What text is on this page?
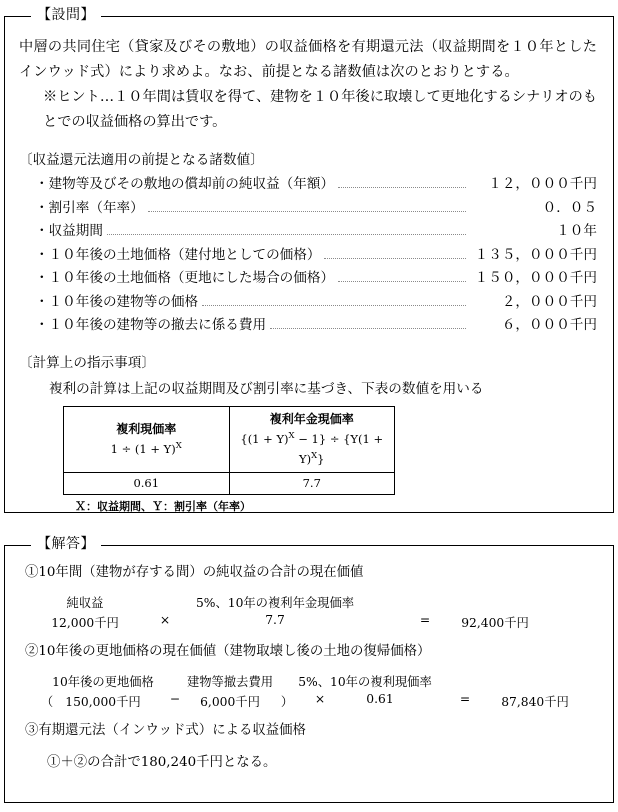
【設問】

中層の共同住宅（貸家及びその敷地）の収益価格を有期還元法（収益期間を１０年としたインウッド式）により求めよ。なお、前提となる諸数値は次のとおりとする。

※ヒント…１０年間は賃収を得て、建物を１０年後に取壊して更地化するシナリオのもとでの収益価格の算出です。

〔収益還元法適用の前提となる諸数値〕
・建物等及びその敷地の償却前の純収益（年額）	１２，０００千円
・割引率（年率）	０．０５
・収益期間	１０年
・１０年後の土地価格（建付地としての価格）	１３５，０００千円
・１０年後の土地価格（更地にした場合の価格）	１５０，０００千円
・１０年後の建物等の価格	２，０００千円
・１０年後の建物等の撤去に係る費用	６，０００千円
〔計算上の指示事項〕
複利の計算は上記の収益期間及び割引率に基づき、下表の数値を用いる
複利現価率
$1 \div (1 + Y)^X$

複利年金現価率
$\{(1 + Y)^X - 1\} \div \{Y(1 + Y)^X\}$

0.61	7.7
Ｘ：収益期間、Ｙ：割引率（年率）
【解答】

①10年間（建物が存する間）の純収益の合計の現在価値

純収益	5%、10年の複利年金現価率
12,000千円	×	7.7	=	92,400千円

②10年後の更地価格の現在価値（建物取壊し後の土地の復帰価格）

10年後の更地価格	建物等撤去費用 5%、10年の複利現価率
（ 150,000千円 − 6,000千円 ） ×	0.61	=	87,840千円

③有期還元法（インウッド式）による収益価格

①＋②の合計で180,240千円となる。
